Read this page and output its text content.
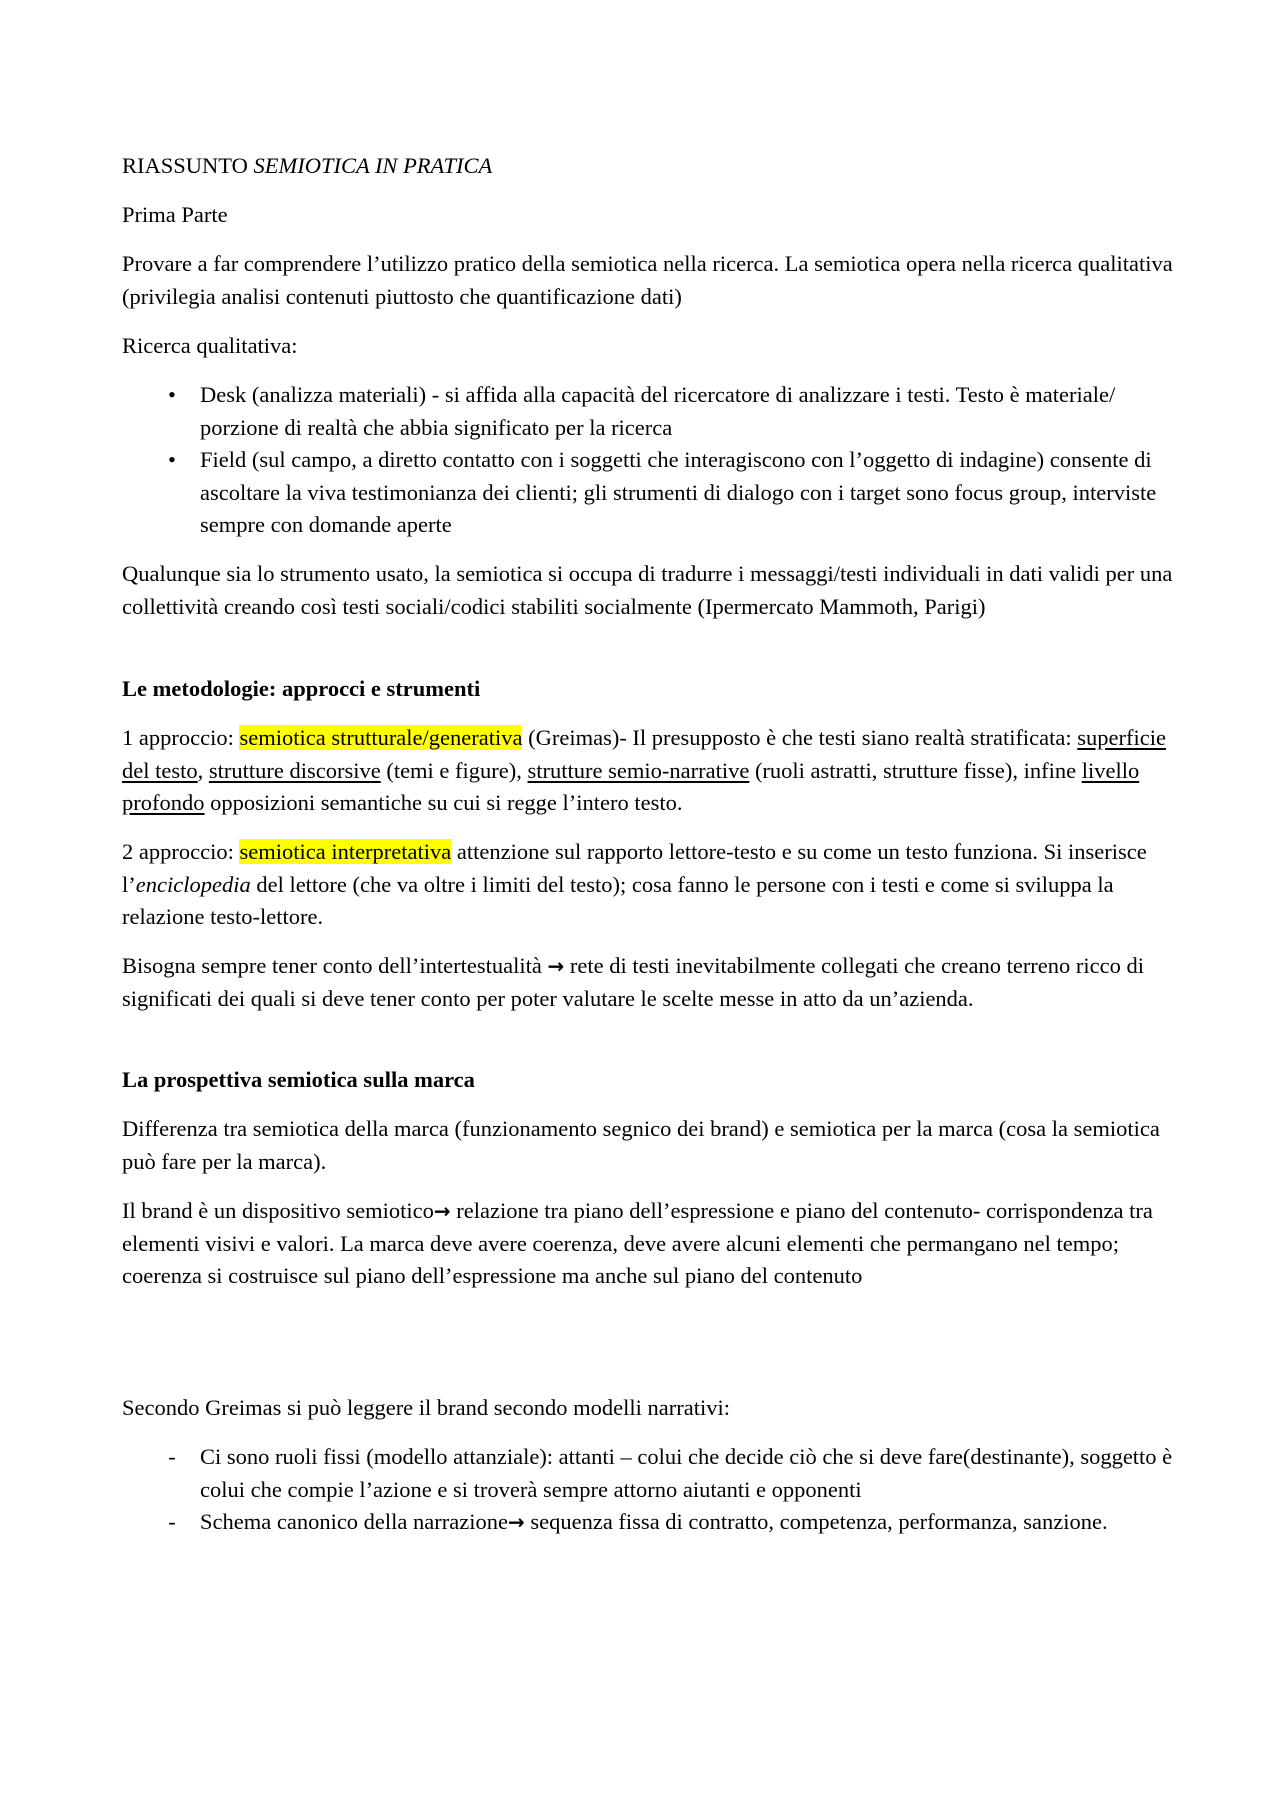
RIASSUNTO SEMIOTICA IN PRATICA

Prima Parte

Provare a far comprendere l’utilizzo pratico della semiotica nella ricerca. La semiotica opera nella ricerca qualitativa (privilegia analisi contenuti piuttosto che quantificazione dati)

Ricerca qualitativa:

• Desk (analizza materiali) - si affida alla capacità del ricercatore di analizzare i testi. Testo è materiale/ porzione di realtà che abbia significato per la ricerca
• Field (sul campo, a diretto contatto con i soggetti che interagiscono con l’oggetto di indagine) consente di ascoltare la viva testimonianza dei clienti; gli strumenti di dialogo con i target sono focus group, interviste sempre con domande aperte

Qualunque sia lo strumento usato, la semiotica si occupa di tradurre i messaggi/testi individuali in dati validi per una collettività creando così testi sociali/codici stabiliti socialmente (Ipermercato Mammoth, Parigi)

Le metodologie: approcci e strumenti

1 approccio: semiotica strutturale/generativa (Greimas)- Il presupposto è che testi siano realtà stratificata: superficie del testo, strutture discorsive (temi e figure), strutture semio-narrative (ruoli astratti, strutture fisse), infine livello profondo opposizioni semantiche su cui si regge l’intero testo.

2 approccio: semiotica interpretativa attenzione sul rapporto lettore-testo e su come un testo funziona. Si inserisce l’enciclopedia del lettore (che va oltre i limiti del testo); cosa fanno le persone con i testi e come si sviluppa la relazione testo-lettore.

Bisogna sempre tener conto dell’intertestualità → rete di testi inevitabilmente collegati che creano terreno ricco di significati dei quali si deve tener conto per poter valutare le scelte messe in atto da un’azienda.

La prospettiva semiotica sulla marca

Differenza tra semiotica della marca (funzionamento segnico dei brand) e semiotica per la marca (cosa la semiotica può fare per la marca).

Il brand è un dispositivo semiotico→ relazione tra piano dell’espressione e piano del contenuto- corrispondenza tra elementi visivi e valori. La marca deve avere coerenza, deve avere alcuni elementi che permangano nel tempo; coerenza si costruisce sul piano dell’espressione ma anche sul piano del contenuto

Secondo Greimas si può leggere il brand secondo modelli narrativi:

- Ci sono ruoli fissi (modello attanziale): attanti – colui che decide ciò che si deve fare(destinante), soggetto è colui che compie l’azione e si troverà sempre attorno aiutanti e opponenti
- Schema canonico della narrazione→ sequenza fissa di contratto, competenza, performanza, sanzione.
